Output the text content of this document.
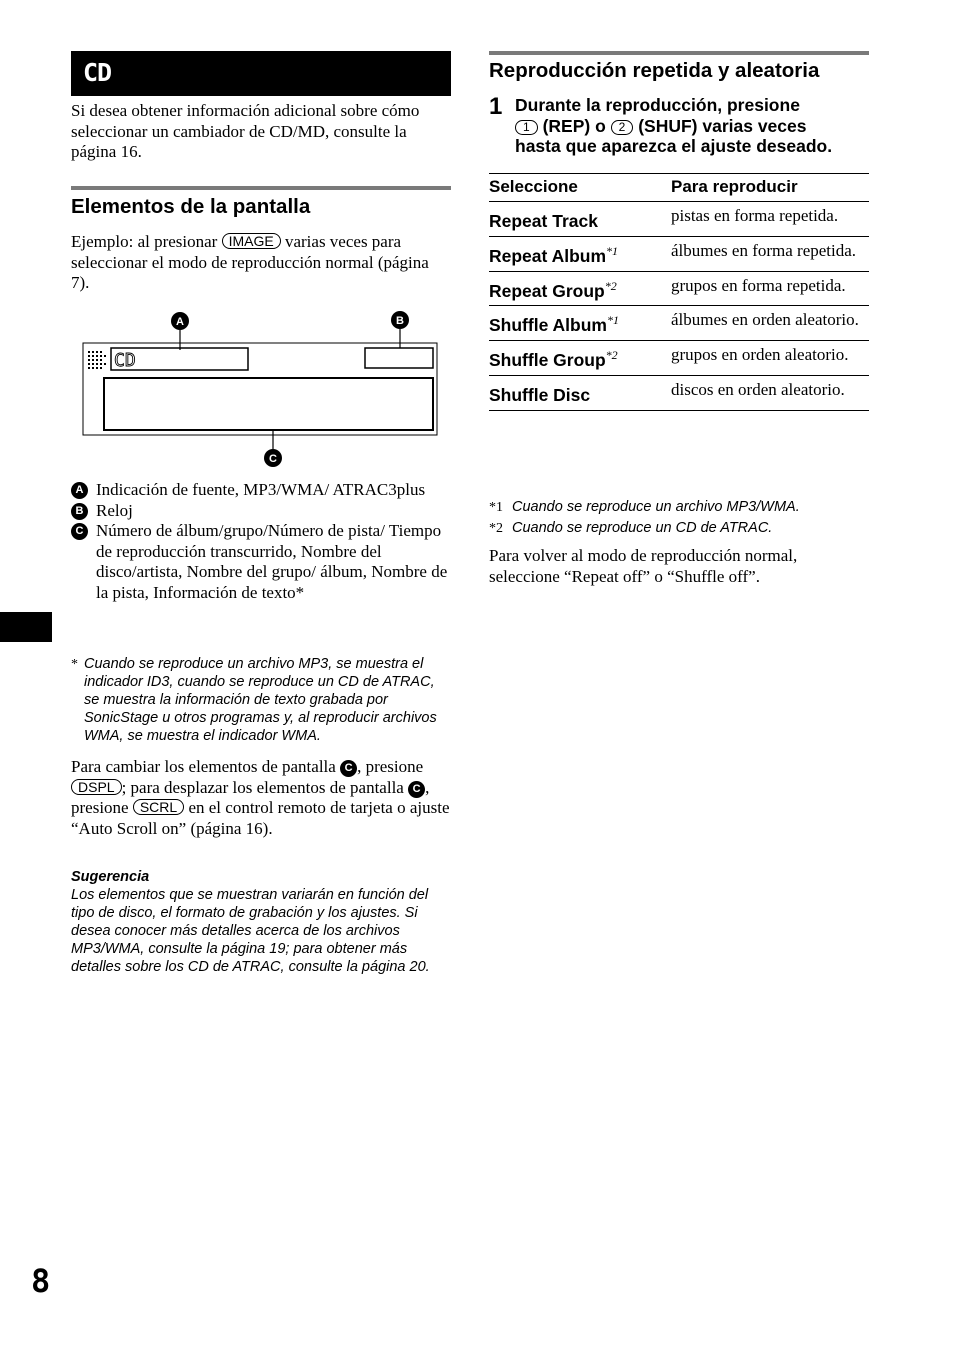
CD
Si desea obtener información adicional sobre cómo seleccionar un cambiador de CD/MD, consulte la página 16.
Elementos de la pantalla
Ejemplo: al presionar IMAGE varias veces para seleccionar el modo de reproducción normal (página 7).
A	B
C
CD
A Indicación de fuente, MP3/WMA/ ATRAC3plus
B Reloj
C Número de álbum/grupo/Número de pista/ Tiempo de reproducción transcurrido, Nombre del disco/artista, Nombre del grupo/ álbum, Nombre de la pista, Información de texto*
* Cuando se reproduce un archivo MP3, se muestra el indicador ID3, cuando se reproduce un CD de ATRAC, se muestra la información de texto grabada por SonicStage u otros programas y, al reproducir archivos WMA, se muestra el indicador WMA.
Para cambiar los elementos de pantalla C , presione DSPL ; para desplazar los elementos de pantalla C , presione SCRL en el control remoto de tarjeta o ajuste “Auto Scroll on” (página 16).
Sugerencia
Los elementos que se muestran variarán en función del tipo de disco, el formato de grabación y los ajustes. Si desea conocer más detalles acerca de los archivos MP3/WMA, consulte la página 19; para obtener más detalles sobre los CD de ATRAC, consulte la página 20.
8
Reproducción repetida y aleatoria
1 Durante la reproducción, presione
1 (REP) o 2 (SHUF) varias veces
hasta que aparezca el ajuste deseado.
Seleccione	Para reproducir
Repeat Track	pistas en forma repetida.
Repeat Album$^{*1}$	álbumes en forma repetida.
Repeat Group$^{*2}$	grupos en forma repetida.
Shuffle Album$^{*1}$	álbumes en orden aleatorio.
Shuffle Group$^{*2}$	grupos en orden aleatorio.
Shuffle Disc	discos en orden aleatorio.
*1 Cuando se reproduce un archivo MP3/WMA.
*2 Cuando se reproduce un CD de ATRAC.
Para volver al modo de reproducción normal, seleccione “Repeat off” o “Shuffle off”.
